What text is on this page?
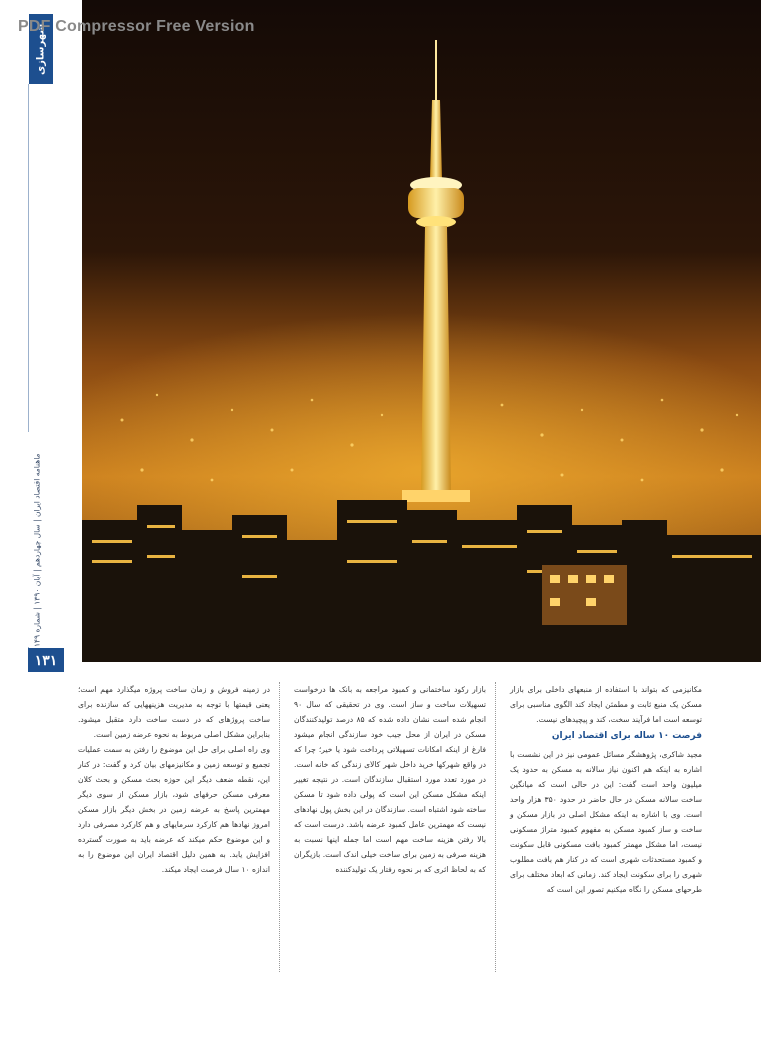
PDF Compressor Free Version
شهرسازی
ماهنامه اقتصاد ایران | سال چهاردهم | آبان ۱۳۹۰ | شماره ۱۴۹
۱۳۱

مکانیزمی که بتواند با استفاده از منبعهای داخلی برای بازار مسکن یک منبع ثابت و مطمئن ایجاد کند الگوی مناسبی برای توسعه است اما فرآیند سخت، کند و پیچیدهای نیست.

فرصت ۱۰ ساله برای اقتصاد ایران

مجید شاکری، پژوهشگر مسائل عمومی نیز در این نشست با اشاره به اینکه هم اکنون نیاز سالانه به مسکن به حدود یک میلیون واحد است گفت: این در حالی است که میانگین ساخت سالانه مسکن در حال حاضر در حدود ۳۵۰ هزار واحد است. وی با اشاره به اینکه مشکل اصلی در بازار مسکن و ساخت و ساز کمبود مسکن به مفهوم کمبود متراژ مسکونی نیست، اما مشکل مهمتر کمبود بافت مسکونی قابل سکونت و کمبود مستحدثات شهری است که در کنار هم بافت مطلوب شهری را برای سکونت ایجاد کند. زمانی که ابعاد مختلف برای طرحهای مسکن را نگاه میکنیم تصور این است که

بازار رکود ساختمانی و کمبود مراجعه به بانک ها درخواست تسهیلات ساخت و ساز است. وی در تحقیقی که سال ۹۰ انجام شده است نشان داده شده که ۸۵ درصد تولیدکنندگان مسکن در ایران از محل جیب خود سازندگی انجام میشود فارغ از اینکه امکانات تسهیلاتی پرداخت شود یا خیر؛ چرا که در واقع شهرکها خرید داخل شهر کالای زندگی که خانه است. در مورد تعدد مورد استقبال سازندگان است. در نتیجه تغییر اینکه مشکل مسکن این است که پولی داده شود تا مسکن ساخته شود اشتباه است. سازندگان در این بخش پول نهادهای نیست که مهمترین عامل کمبود عرضه باشد. درست است که بالا رفتن هزینه ساخت مهم است اما جمله اینها نسبت به هزینه صرفی به زمین برای ساخت خیلی اندک است. بازیگران که به لحاظ اثری که بر نحوه رفتار یک تولیدکننده

در زمینه فروش و زمان ساخت پروژه میگذارد مهم است؛ یعنی قیمتها با توجه به مدیریت هزینههایی که سازنده برای ساخت پروژهای که در دست ساخت دارد متقبل میشود. بنابراین مشکل اصلی مربوط به نحوه عرضه زمین است.

وی راه اصلی برای حل این موضوع را رفتن به سمت عملیات تجمیع و توسعه زمین و مکانیزمهای بیان کرد و گفت: در کنار این، نقطه ضعف دیگر این حوزه بحث مسکن و بحث کلان معرفی مسکن حرفهای شود، بازار مسکن از سوی دیگر مهمترین پاسخ به عرضه زمین در بخش دیگر بازار مسکن امروز نهادها هم کارکرد سرمایهای و هم کارکرد مصرفی دارد و این موضوع حکم میکند که عرضه باید به صورت گسترده افزایش یابد. به همین دلیل اقتصاد ایران این موضوع را به اندازه ۱۰ سال فرصت ایجاد میکند.
